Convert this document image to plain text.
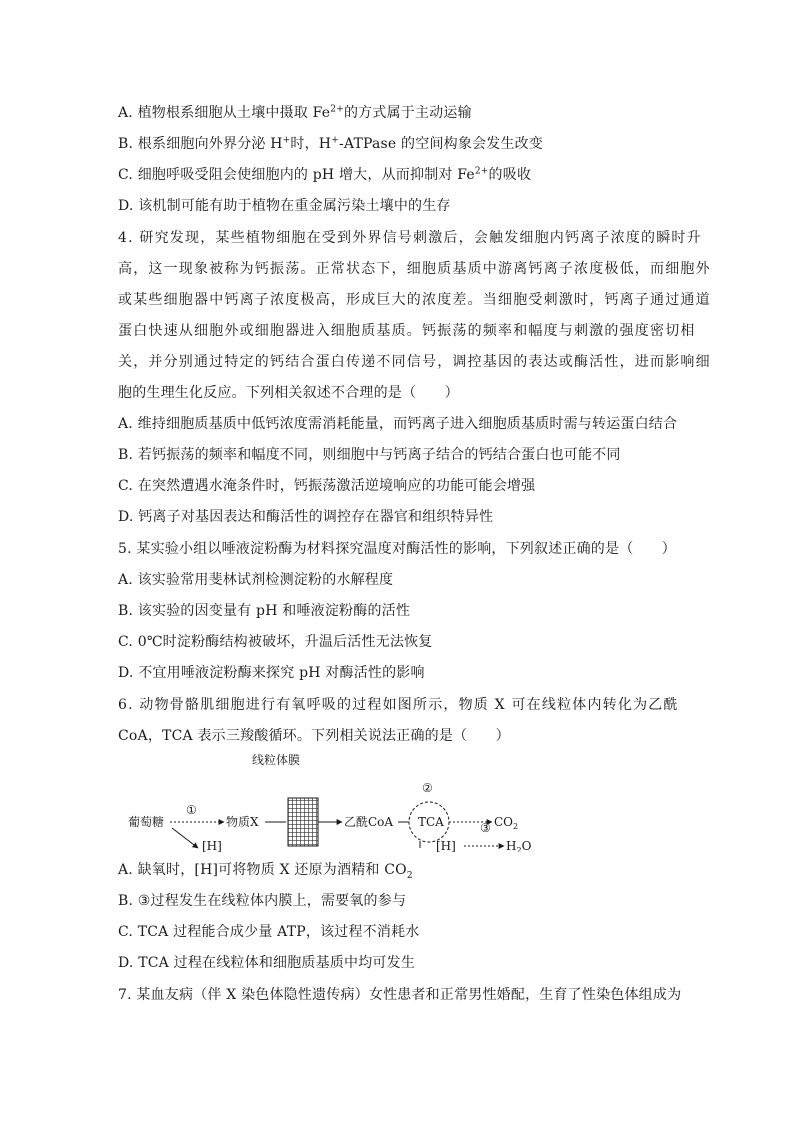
A. 植物根系细胞从土壤中摄取 $Fe^{2+}$的方式属于主动运输
B. 根系细胞向外界分泌 H+时，H+-ATPase 的空间构象会发生改变
C. 细胞呼吸受阻会使细胞内的 pH 增大，从而抑制对 $Fe^{2+}$的吸收
D. 该机制可能有助于植物在重金属污染土壤中的生存
4. 研究发现，某些植物细胞在受到外界信号刺激后，会触发细胞内钙离子浓度的瞬时升
高，这一现象被称为钙振荡。正常状态下，细胞质基质中游离钙离子浓度极低，而细胞外
或某些细胞器中钙离子浓度极高，形成巨大的浓度差。当细胞受刺激时，钙离子通过通道
蛋白快速从细胞外或细胞器进入细胞质基质。钙振荡的频率和幅度与刺激的强度密切相
关，并分别通过特定的钙结合蛋白传递不同信号，调控基因的表达或酶活性，进而影响细
胞的生理生化反应。下列相关叙述不合理的是（　　）
A. 维持细胞质基质中低钙浓度需消耗能量，而钙离子进入细胞质基质时需与转运蛋白结合
B. 若钙振荡的频率和幅度不同，则细胞中与钙离子结合的钙结合蛋白也可能不同
C. 在突然遭遇水淹条件时，钙振荡激活逆境响应的功能可能会增强
D. 钙离子对基因表达和酶活性的调控存在器官和组织特异性
5. 某实验小组以唾液淀粉酶为材料探究温度对酶活性的影响，下列叙述正确的是（　　）
A. 该实验常用斐林试剂检测淀粉的水解程度
B. 该实验的因变量有 pH 和唾液淀粉酶的活性
C. 0℃时淀粉酶结构被破坏，升温后活性无法恢复
D. 不宜用唾液淀粉酶来探究 pH 对酶活性的影响
6. 动物骨骼肌细胞进行有氧呼吸的过程如图所示，物质 X 可在线粒体内转化为乙酰
CoA，TCA 表示三羧酸循环。下列相关说法正确的是（　　）
线粒体膜
葡萄糖
①
[H]
物质X	乙酰CoA TCA
②
$CO_2$
[H]
③
$H_2O$
A. 缺氧时，[H]可将物质 X 还原为酒精和 $CO_2$
B. ③过程发生在线粒体内膜上，需要氧的参与
C. TCA 过程能合成少量 ATP，该过程不消耗水
D. TCA 过程在线粒体和细胞质基质中均可发生
7. 某血友病（伴 X 染色体隐性遗传病）女性患者和正常男性婚配，生育了性染色体组成为
